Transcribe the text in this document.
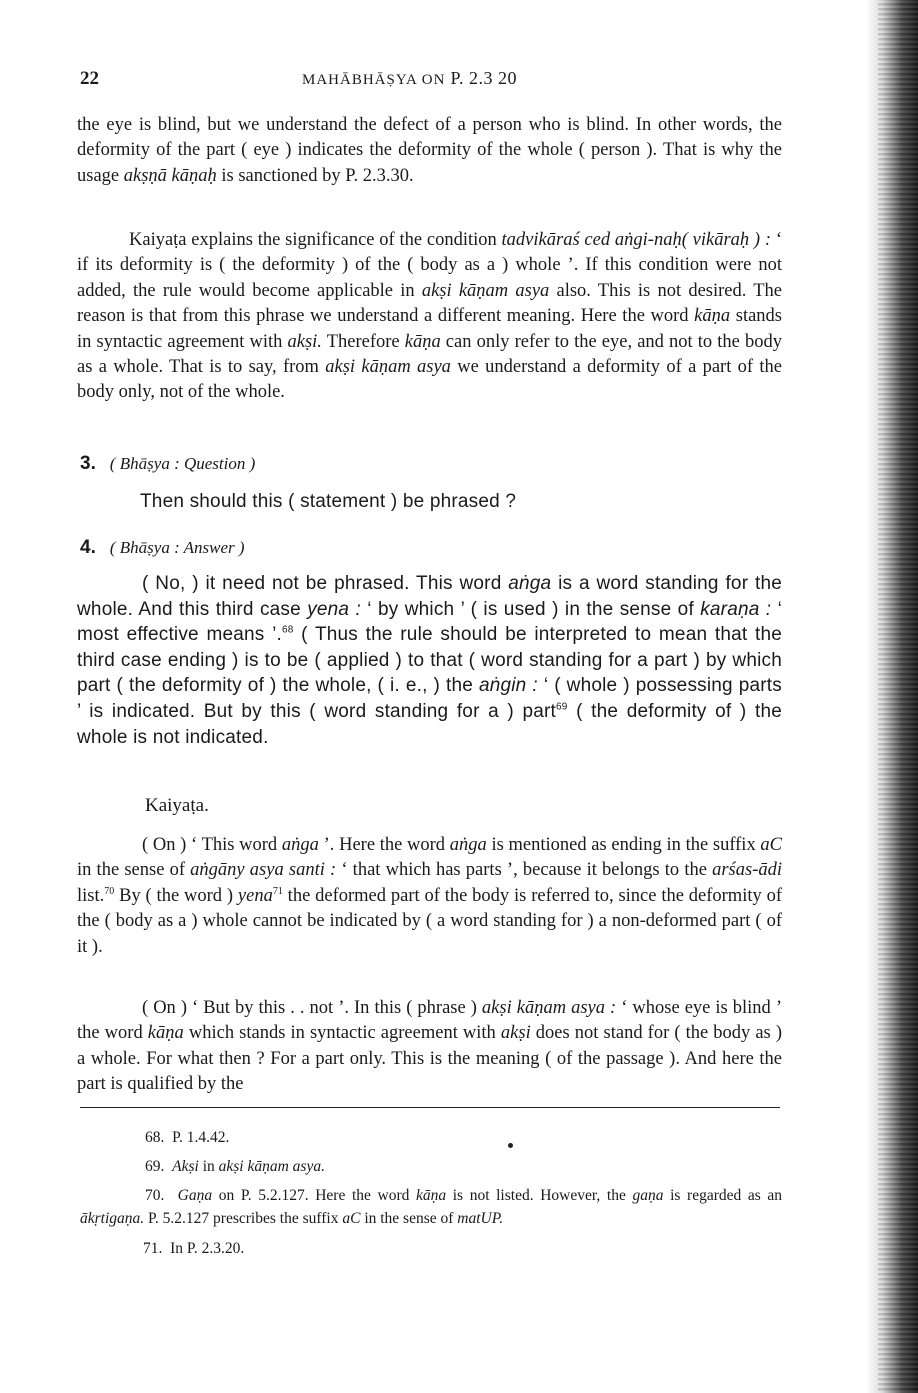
22	MAHĀBHĀṢYA ON P. 2.3 20
the eye is blind, but we understand the defect of a person who is blind. In other words, the deformity of the part ( eye ) indicates the deformity of the whole ( person ). That is why the usage akṣṇā kāṇaḥ is sanctioned by P. 2.3.30.
Kaiyaṭa explains the significance of the condition tadvikāraś ced aṅgi-naḥ( vikāraḥ ) : ‘ if its deformity is ( the deformity ) of the ( body as a ) whole ’. If this condition were not added, the rule would become applicable in akṣi kāṇam asya also. This is not desired. The reason is that from this phrase we understand a different meaning. Here the word kāṇa stands in syntactic agreement with akṣi. Therefore kāṇa can only refer to the eye, and not to the body as a whole. That is to say, from akṣi kāṇam asya we understand a deformity of a part of the body only, not of the whole.
3. ( Bhāṣya : Question )
Then should this ( statement ) be phrased ?
4. ( Bhāṣya : Answer )
( No, ) it need not be phrased. This word aṅga is a word standing for the whole. And this third case yena : ‘ by which ’ ( is used ) in the sense of karaṇa : ‘ most effective means ’.$^{68}$ ( Thus the rule should be interpreted to mean that the third case ending ) is to be ( applied ) to that ( word standing for a part ) by which part ( the deformity of ) the whole, ( i. e., ) the aṅgin : ‘ ( whole ) possessing parts ’ is indicated. But by this ( word standing for a ) part$^{69}$ ( the deformity of ) the whole is not indicated.
Kaiyaṭa.
( On ) ‘ This word aṅga ’. Here the word aṅga is mentioned as ending in the suffix aC in the sense of aṅgāny asya santi : ‘ that which has parts ’, because it belongs to the arśas-ādi list.$^{70}$ By ( the word ) yena$^{71}$ the deformed part of the body is referred to, since the deformity of the ( body as a ) whole cannot be indicated by ( a word standing for ) a non-deformed part ( of it ).
( On ) ‘ But by this . . not ’. In this ( phrase ) akṣi kāṇam asya : ‘ whose eye is blind ’ the word kāṇa which stands in syntactic agreement with akṣi does not stand for ( the body as ) a whole. For what then ? For a part only. This is the meaning ( of the passage ). And here the part is qualified by the
68. P. 1.4.42.
69. Akṣi in akṣi kāṇam asya.
70. Gaṇa on P. 5.2.127. Here the word kāṇa is not listed. However, the gaṇa is regarded as an ākṛtigaṇa. P. 5.2.127 prescribes the suffix aC in the sense of matUP.
71. In P. 2.3.20.
